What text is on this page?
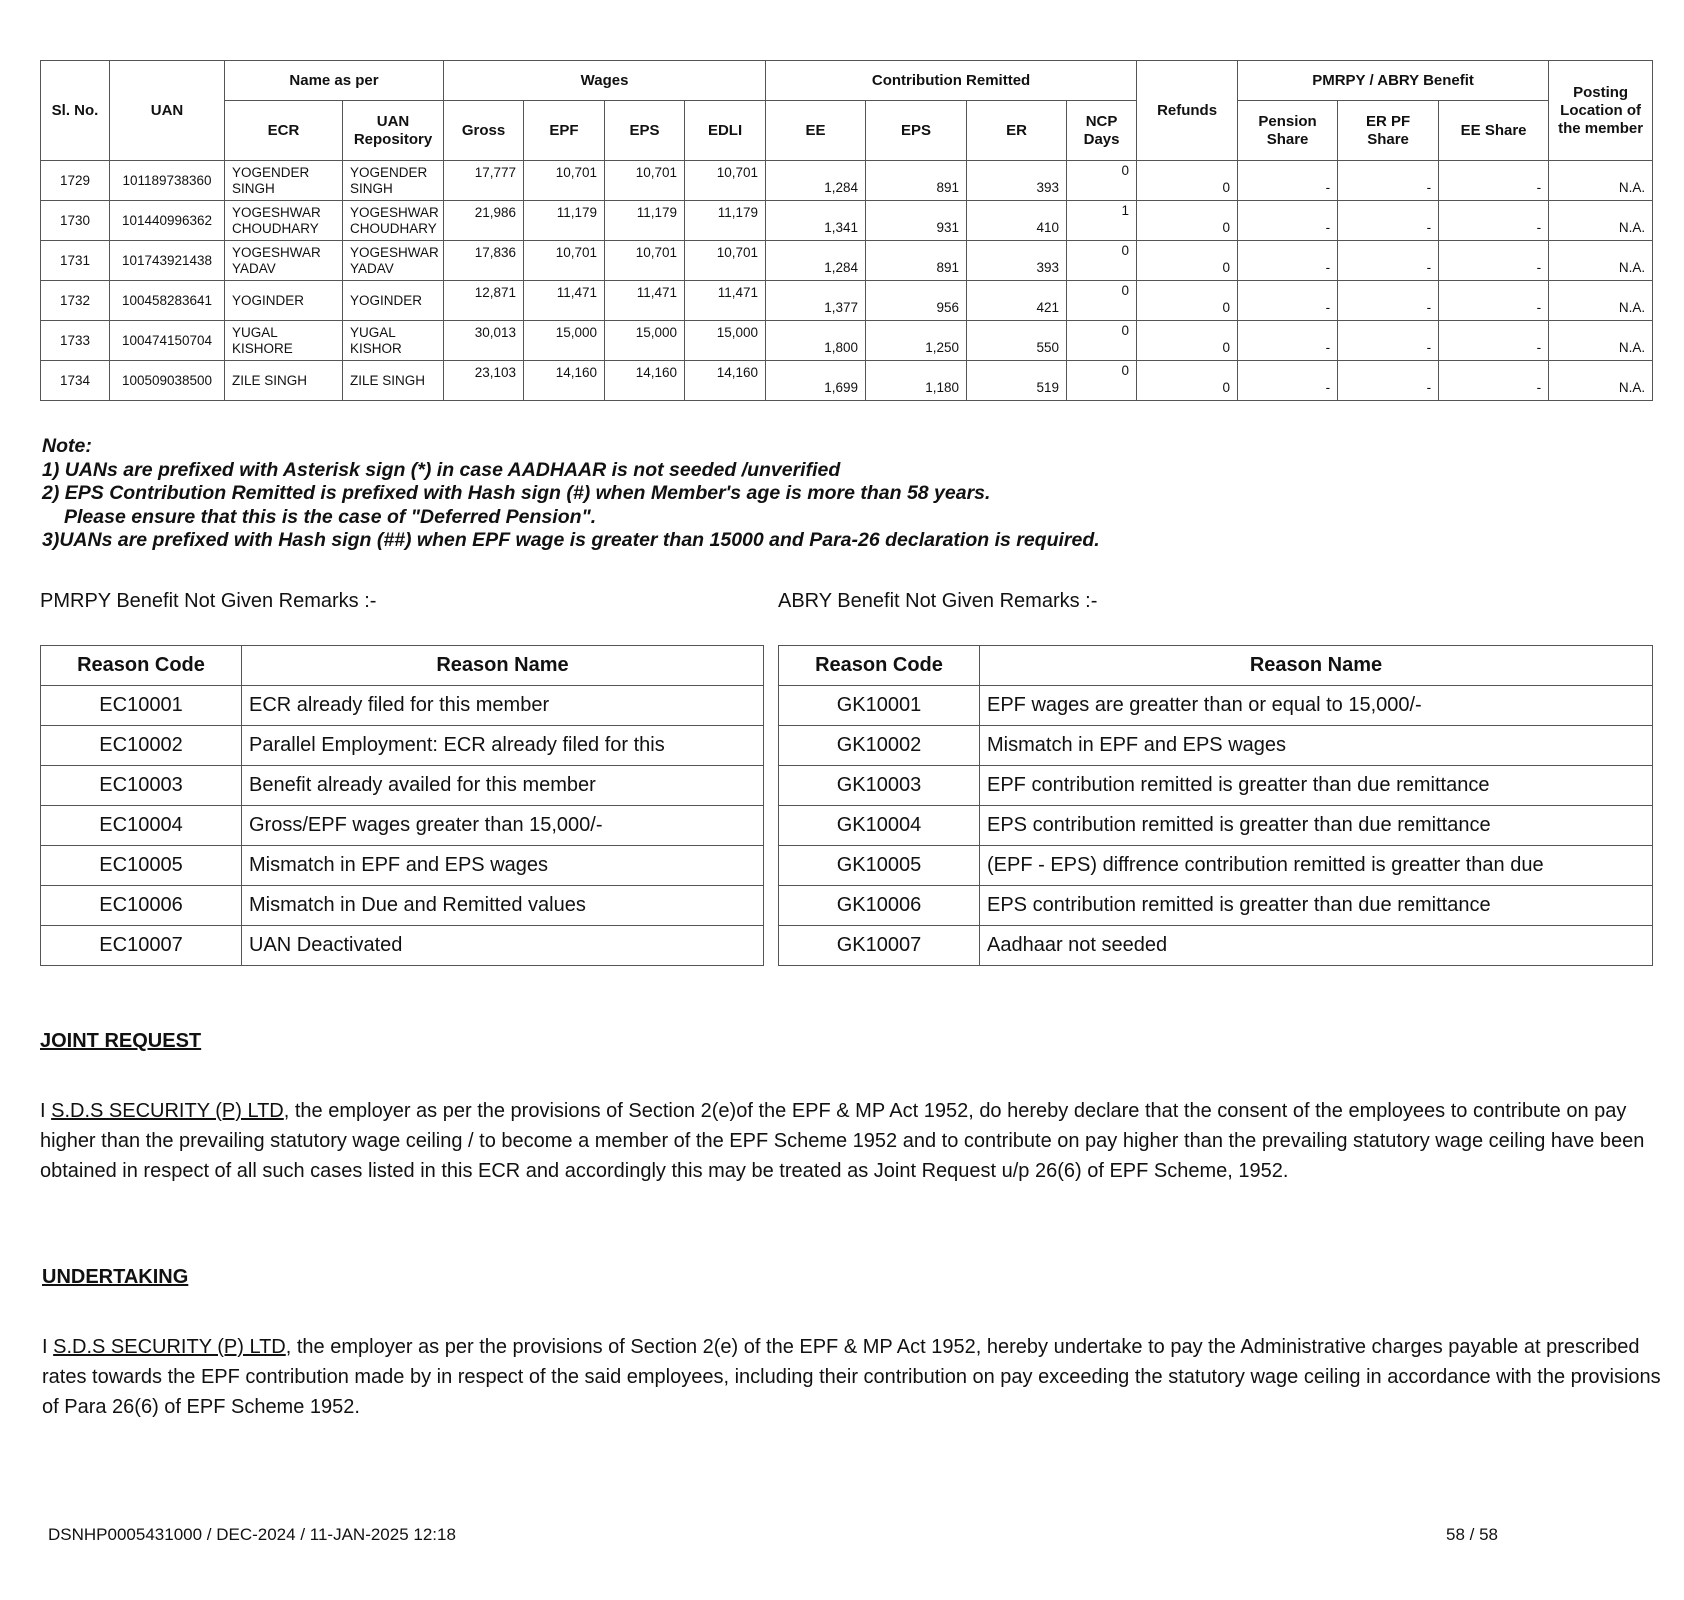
Sl. No.	UAN	Name as per		Wages				Contribution Remitted				Refunds	PMRPY / ABRY Benefit			Posting Location of the member
		ECR	UAN Repository	Gross	EPF	EPS	EDLI	EE	EPS	ER	NCP Days		Pension Share	ER PF Share	EE Share	
1729	101189738360	YOGENDER SINGH	YOGENDER SINGH	17,777	10,701	10,701	10,701	1,284	891	393	0	0	-	-	-	N.A.
1730	101440996362	YOGESHWAR CHOUDHARY	YOGESHWAR CHOUDHARY	21,986	11,179	11,179	11,179	1,341	931	410	1	0	-	-	-	N.A.
1731	101743921438	YOGESHWAR YADAV	YOGESHWAR YADAV	17,836	10,701	10,701	10,701	1,284	891	393	0	0	-	-	-	N.A.
1732	100458283641	YOGINDER	YOGINDER	12,871	11,471	11,471	11,471	1,377	956	421	0	0	-	-	-	N.A.
1733	100474150704	YUGAL KISHORE	YUGAL KISHOR	30,013	15,000	15,000	15,000	1,800	1,250	550	0	0	-	-	-	N.A.
1734	100509038500	ZILE SINGH	ZILE SINGH	23,103	14,160	14,160	14,160	1,699	1,180	519	0	0	-	-	-	N.A.
Note:
1) UANs are prefixed with Asterisk sign (*) in case AADHAAR is not seeded /unverified
2) EPS Contribution Remitted is prefixed with Hash sign (#) when Member's age is more than 58 years.
Please ensure that this is the case of "Deferred Pension".
3)UANs are prefixed with Hash sign (##) when EPF wage is greater than 15000 and Para-26 declaration is required.
PMRPY Benefit Not Given Remarks :-	ABRY Benefit Not Given Remarks :-
Reason Code	Reason Name
EC10001	ECR already filed for this member
EC10002	Parallel Employment: ECR already filed for this
EC10003	Benefit already availed for this member
EC10004	Gross/EPF wages greater than 15,000/-
EC10005	Mismatch in EPF and EPS wages
EC10006	Mismatch in Due and Remitted values
EC10007	UAN Deactivated
Reason Code	Reason Name
GK10001	EPF wages are greatter than or equal to 15,000/-
GK10002	Mismatch in EPF and EPS wages
GK10003	EPF contribution remitted is greatter than due remittance
GK10004	EPS contribution remitted is greatter than due remittance
GK10005	(EPF - EPS) diffrence contribution remitted is greatter than due
GK10006	EPS contribution remitted is greatter than due remittance
GK10007	Aadhaar not seeded
JOINT REQUEST
I S.D.S SECURITY (P) LTD, the employer as per the provisions of Section 2(e)of the EPF & MP Act 1952, do hereby declare that the consent of the employees to contribute on pay higher than the prevailing statutory wage ceiling / to become a member of the EPF Scheme 1952 and to contribute on pay higher than the prevailing statutory wage ceiling have been obtained in respect of all such cases listed in this ECR and accordingly this may be treated as Joint Request u/p 26(6) of EPF Scheme, 1952.
UNDERTAKING
I S.D.S SECURITY (P) LTD, the employer as per the provisions of Section 2(e) of the EPF & MP Act 1952, hereby undertake to pay the Administrative charges payable at prescribed rates towards the EPF contribution made by in respect of the said employees, including their contribution on pay exceeding the statutory wage ceiling in accordance with the provisions of Para 26(6) of EPF Scheme 1952.
DSNHP0005431000 / DEC-2024 / 11-JAN-2025 12:18	58 / 58
